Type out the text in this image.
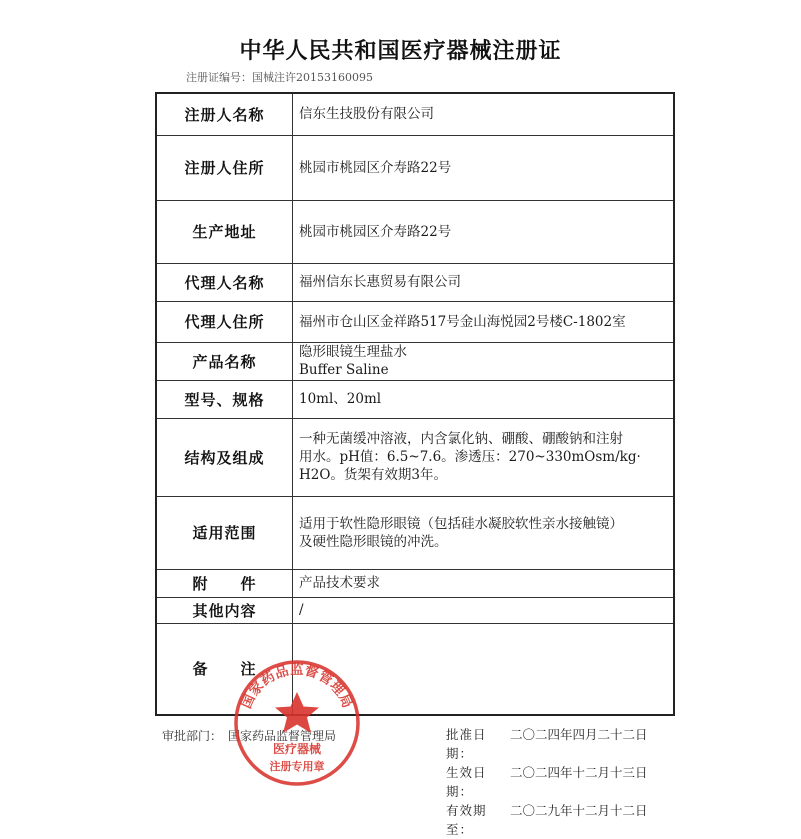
中华人民共和国医疗器械注册证
注册证编号：国械注许20153160095
注册人名称	信东生技股份有限公司

注册人住所	桃园市桃园区介寿路22号

生产地址	桃园市桃园区介寿路22号

代理人名称	福州信东长惠贸易有限公司

代理人住所	福州市仓山区金祥路517号金山海悦园2号楼C-1802室

产品名称	隐形眼镜生理盐水
Buffer Saline

型号、规格	10ml、20ml

结构及组成	一种无菌缓冲溶液，内含氯化钠、硼酸、硼酸钠和注射
用水。pH值：6.5~7.6。渗透压：270~330mOsm/kg·
H2O。货架有效期3年。

适用范围	适用于软性隐形眼镜（包括硅水凝胶软性亲水接触镜）
及硬性隐形眼镜的冲洗。

附　　件	产品技术要求

其他内容	/

备　　注	
审批部门：　国家药品监督管理局	批准日期：
二〇二四年四月二十二日
生效日期：
二〇二四年十二月十三日
有效期至：
二〇二九年十二月十二日
国家药品监督管理局
医疗器械
注册专用章
